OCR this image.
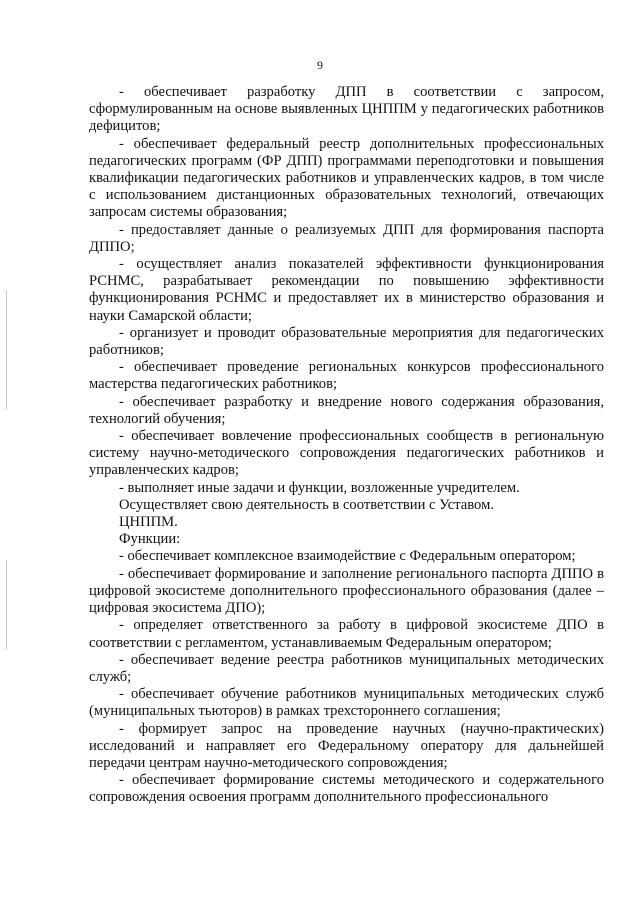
9

- обеспечивает разработку ДПП в соответствии с запросом, сформулированным на основе выявленных ЦНППМ у педагогических работников дефицитов;

- обеспечивает федеральный реестр дополнительных профессиональных педагогических программ (ФР ДПП) программами переподготовки и повышения квалификации педагогических работников и управленческих кадров, в том числе с использованием дистанционных образовательных технологий, отвечающих запросам системы образования;

- предоставляет данные о реализуемых ДПП для формирования паспорта ДППО;

- осуществляет анализ показателей эффективности функционирования РСНМС, разрабатывает рекомендации по повышению эффективности функционирования РСНМС и предоставляет их в министерство образования и науки Самарской области;

- организует и проводит образовательные мероприятия для педагогических работников;

- обеспечивает проведение региональных конкурсов профессионального мастерства педагогических работников;

- обеспечивает разработку и внедрение нового содержания образования, технологий обучения;

- обеспечивает вовлечение профессиональных сообществ в региональную систему научно-методического сопровождения педагогических работников и управленческих кадров;

- выполняет иные задачи и функции, возложенные учредителем.

Осуществляет свою деятельность в соответствии с Уставом.

ЦНППМ.

Функции:

- обеспечивает комплексное взаимодействие с Федеральным оператором;

- обеспечивает формирование и заполнение регионального паспорта ДППО в цифровой экосистеме дополнительного профессионального образования (далее – цифровая экосистема ДПО);

- определяет ответственного за работу в цифровой экосистеме ДПО в соответствии с регламентом, устанавливаемым Федеральным оператором;

- обеспечивает ведение реестра работников муниципальных методических служб;

- обеспечивает обучение работников муниципальных методических служб (муниципальных тьюторов) в рамках трехстороннего соглашения;

- формирует запрос на проведение научных (научно-практических) исследований и направляет его Федеральному оператору для дальнейшей передачи центрам научно-методического сопровождения;

- обеспечивает формирование системы методического и содержательного сопровождения освоения программ дополнительного профессионального
